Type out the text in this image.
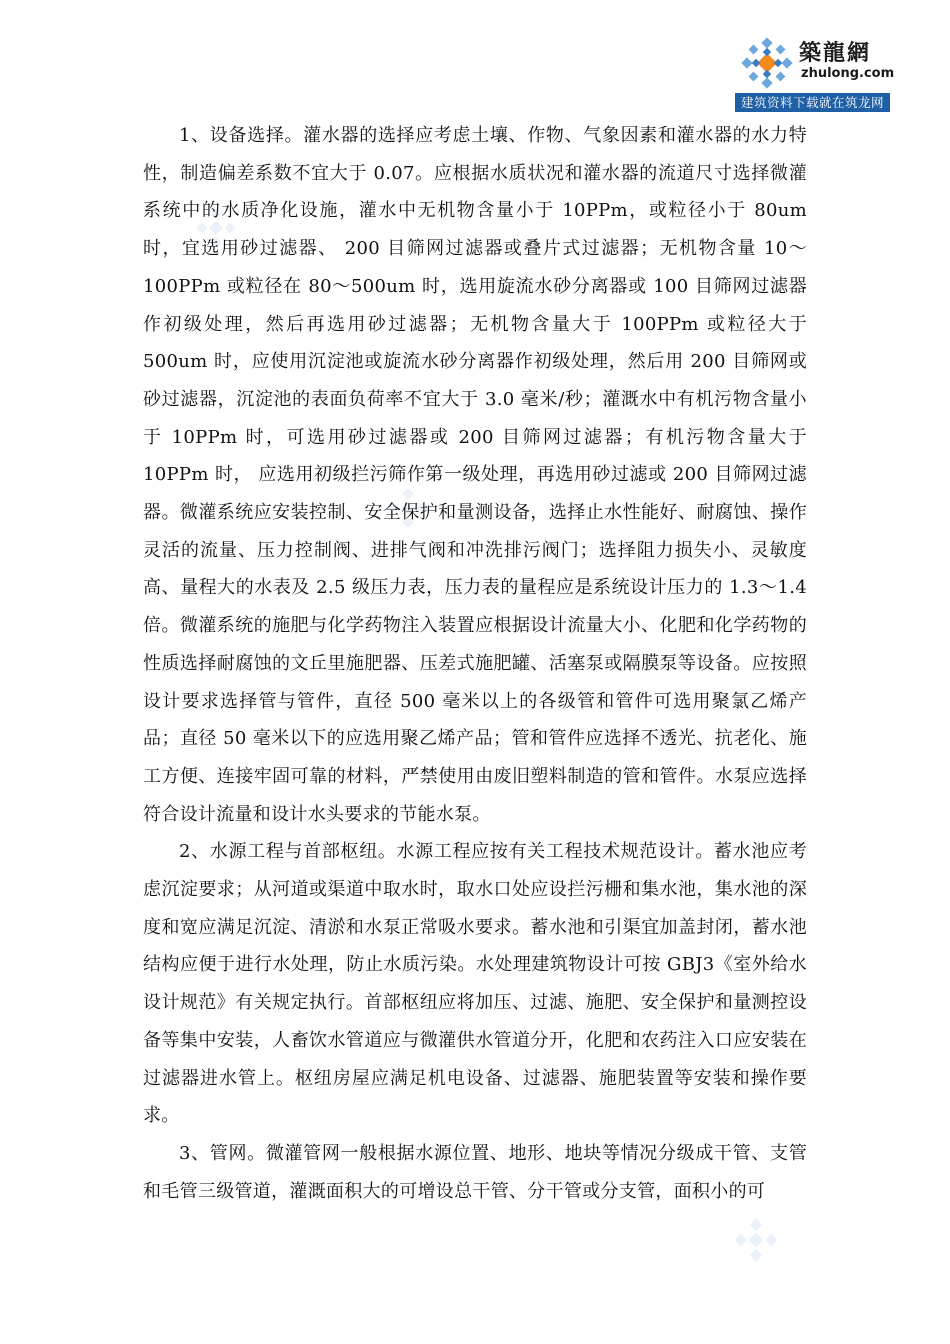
築龍網
zhulong.com
建筑资料下载就在筑龙网

1、设备选择。灌水器的选择应考虑土壤、作物、气象因素和灌水器的水力特性，制造偏差系数不宜大于 0.07。应根据水质状况和灌水器的流道尺寸选择微灌系统中的水质净化设施，灌水中无机物含量小于 10PPm，或粒径小于 80um 时，宜选用砂过滤器、 200 目筛网过滤器或叠片式过滤器；无机物含量 10～100PPm 或粒径在 80～500um 时，选用旋流水砂分离器或 100 目筛网过滤器作初级处理，然后再选用砂过滤器；无机物含量大于 100PPm 或粒径大于 500um 时，应使用沉淀池或旋流水砂分离器作初级处理，然后用 200 目筛网或砂过滤器，沉淀池的表面负荷率不宜大于 3.0 毫米/秒；灌溉水中有机污物含量小于 10PPm 时，可选用砂过滤器或 200 目筛网过滤器；有机污物含量大于 10PPm 时， 应选用初级拦污筛作第一级处理，再选用砂过滤或 200 目筛网过滤器。微灌系统应安装控制、安全保护和量测设备，选择止水性能好、耐腐蚀、操作灵活的流量、压力控制阀、进排气阀和冲洗排污阀门；选择阻力损失小、灵敏度高、量程大的水表及 2.5 级压力表，压力表的量程应是系统设计压力的 1.3～1.4 倍。微灌系统的施肥与化学药物注入装置应根据设计流量大小、化肥和化学药物的性质选择耐腐蚀的文丘里施肥器、压差式施肥罐、活塞泵或隔膜泵等设备。应按照设计要求选择管与管件，直径 500 毫米以上的各级管和管件可选用聚氯乙烯产品；直径 50 毫米以下的应选用聚乙烯产品；管和管件应选择不透光、抗老化、施工方便、连接牢固可靠的材料，严禁使用由废旧塑料制造的管和管件。水泵应选择符合设计流量和设计水头要求的节能水泵。

2、水源工程与首部枢纽。水源工程应按有关工程技术规范设计。蓄水池应考虑沉淀要求；从河道或渠道中取水时，取水口处应设拦污栅和集水池，集水池的深度和宽应满足沉淀、清淤和水泵正常吸水要求。蓄水池和引渠宜加盖封闭，蓄水池结构应便于进行水处理，防止水质污染。水处理建筑物设计可按 GBJ3《室外给水设计规范》有关规定执行。首部枢纽应将加压、过滤、施肥、安全保护和量测控设备等集中安装，人畜饮水管道应与微灌供水管道分开，化肥和农药注入口应安装在过滤器进水管上。枢纽房屋应满足机电设备、过滤器、施肥装置等安装和操作要求。

3、管网。微灌管网一般根据水源位置、地形、地块等情况分级成干管、支管和毛管三级管道，灌溉面积大的可增设总干管、分干管或分支管，面积小的可
